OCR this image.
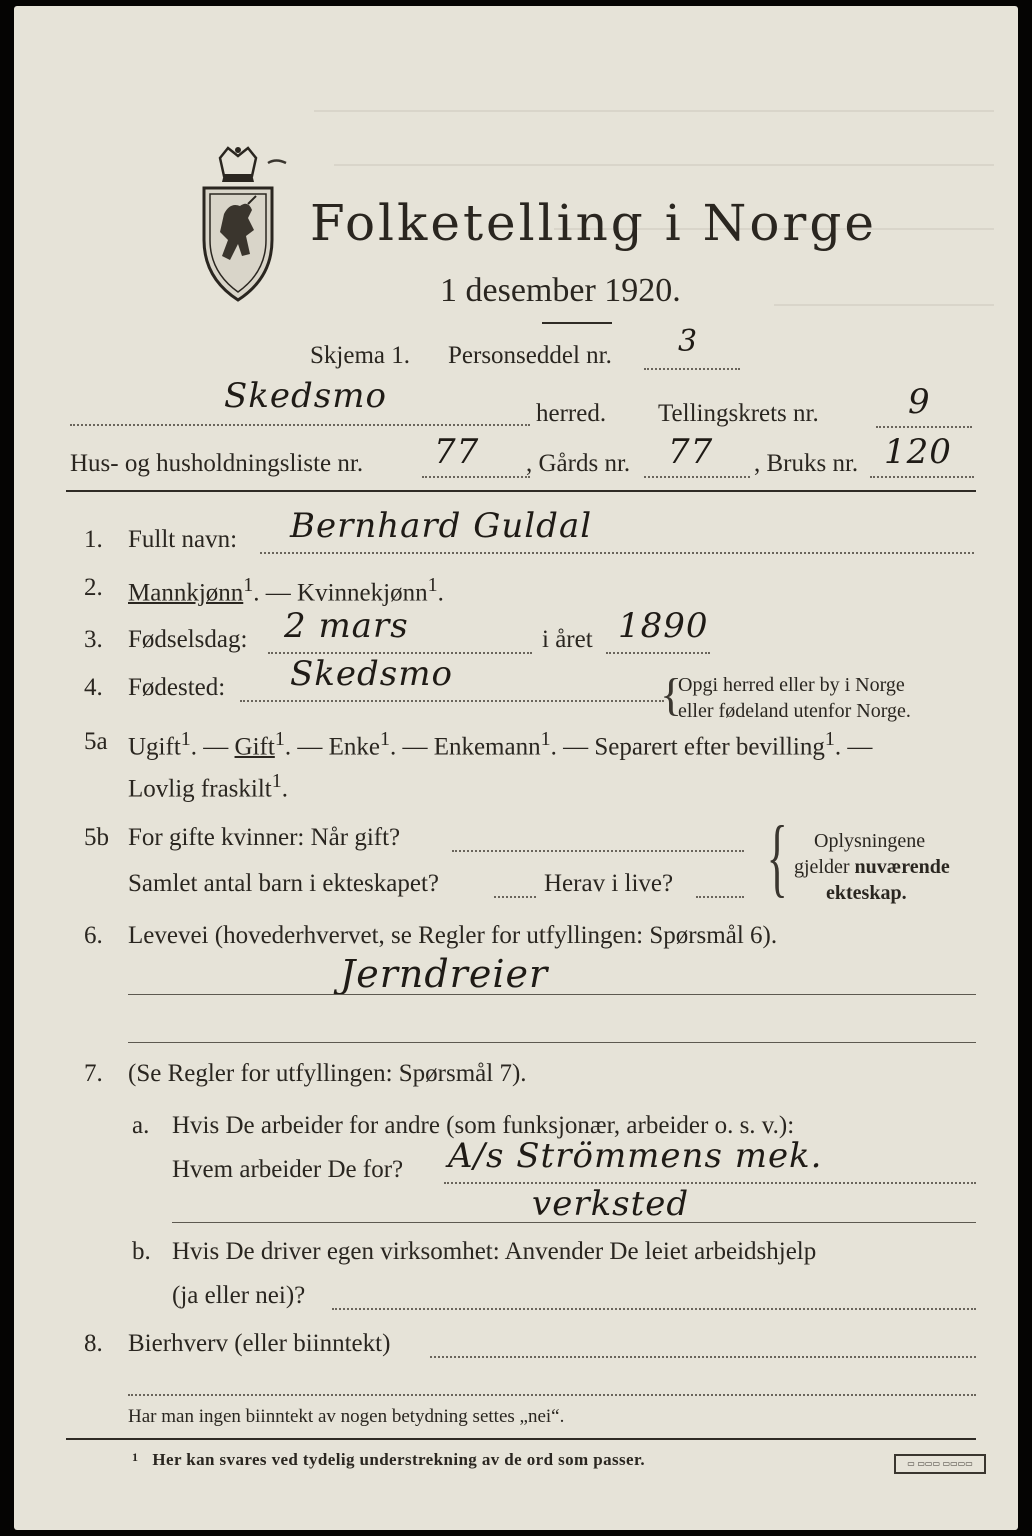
Folketelling i Norge
1 desember 1920.
Skjema 1. Personseddel nr. 3
Skedsmo	herred. Tellingskrets nr.	9
Hus- og husholdningsliste nr. 77 , Gårds nr. 77 , Bruks nr. 120
1. Fullt navn: Bernhard Guldal
2. Mannkjønn$^1$. — Kvinnekjønn$^1$.
3. Fødselsdag: 2 mars	i året 1890
4. Fødested: Skedsmo	{
Opgi herred eller by i Norge
eller fødeland utenfor Norge.
5a Ugift$^1$. — Gift$^1$. — Enke$^1$. — Enkemann$^1$. — Separert efter bevilling$^1$. —
Lovlig fraskilt$^1$.
5b For gifte kvinner: Når gift?
Samlet antal barn i ekteskapet?	Herav i live? { Oplysningene
gjelder nuværende
ekteskap.
6. Levevei (hovederhvervet, se Regler for utfyllingen: Spørsmål 6).
Jerndreier
7. (Se Regler for utfyllingen: Spørsmål 7).
a. Hvis De arbeider for andre (som funksjonær, arbeider o. s. v.):
Hvem arbeider De for? A/s Strömmens mek.
verksted
b. Hvis De driver egen virksomhet: Anvender De leiet arbeidshjelp
(ja eller nei)?
8. Bierhverv (eller biinntekt)
Har man ingen biinntekt av nogen betydning settes „nei“.
$^1$ Her kan svares ved tydelig understrekning av de ord som passer.	▭ ▭▭▭ ▭▭▭▭
